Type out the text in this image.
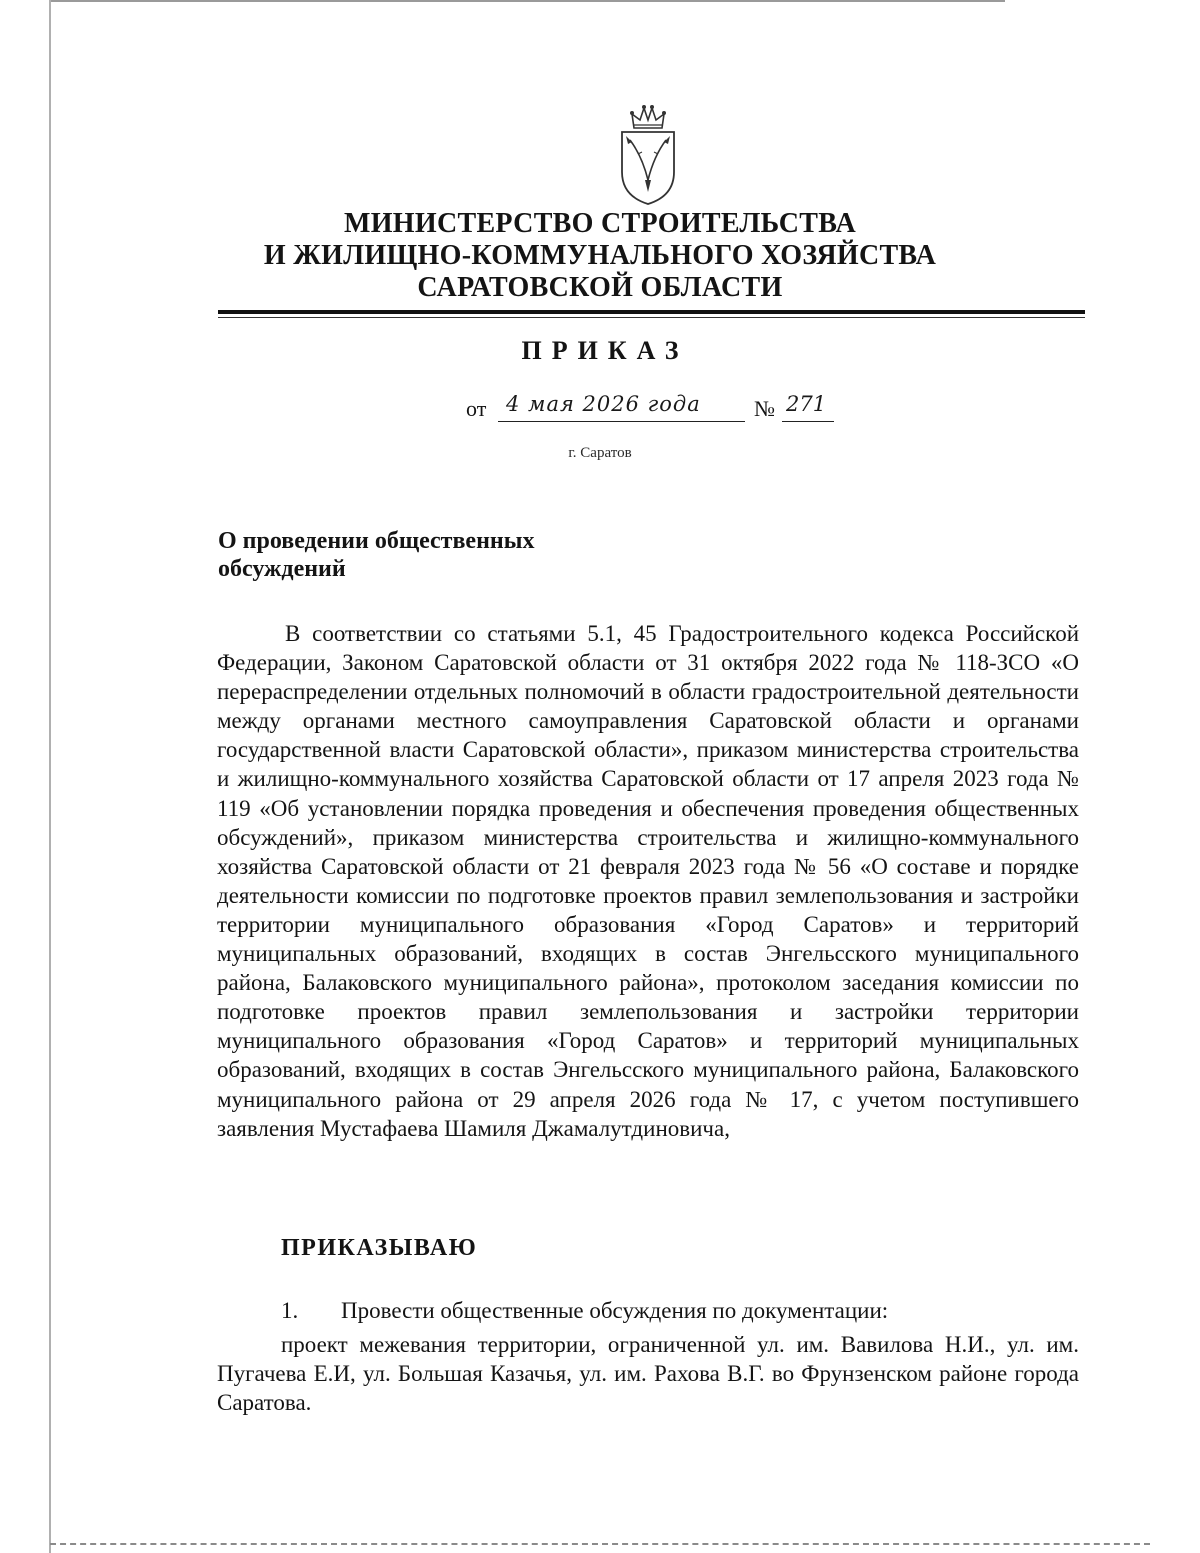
МИНИСТЕРСТВО СТРОИТЕЛЬСТВА
И ЖИЛИЩНО-КОММУНАЛЬНОГО ХОЗЯЙСТВА
САРАТОВСКОЙ ОБЛАСТИ
ПРИКАЗ
от 4 мая 2026 года № 271
г. Саратов
О проведении общественных
обсуждений

В соответствии со статьями 5.1, 45 Градостроительного кодекса Российской Федерации, Законом Саратовской области от 31 октября 2022 года № 118-ЗСО «О перераспределении отдельных полномочий в области градостроительной деятельности между органами местного самоуправления Саратовской области и органами государственной власти Саратовской области», приказом министерства строительства и жилищно-коммунального хозяйства Саратовской области от 17 апреля 2023 года № 119 «Об установлении порядка проведения и обеспечения проведения общественных обсуждений», приказом министерства строительства и жилищно-коммунального хозяйства Саратовской области от 21 февраля 2023 года № 56 «О составе и порядке деятельности комиссии по подготовке проектов правил землепользования и застройки территории муниципального образования «Город Саратов» и территорий муниципальных образований, входящих в состав Энгельсского муниципального района, Балаковского муниципального района», протоколом заседания комиссии по подготовке проектов правил землепользования и застройки территории муниципального образования «Город Саратов» и территорий муниципальных образований, входящих в состав Энгельсского муниципального района, Балаковского муниципального района от 29 апреля 2026 года № 17, с учетом поступившего заявления Мустафаева Шамиля Джамалутдиновича,

ПРИКАЗЫВАЮ
1. Провести общественные обсуждения по документации:

проект межевания территории, ограниченной ул. им. Вавилова Н.И., ул. им. Пугачева Е.И, ул. Большая Казачья, ул. им. Рахова В.Г. во Фрунзенском районе города Саратова.
